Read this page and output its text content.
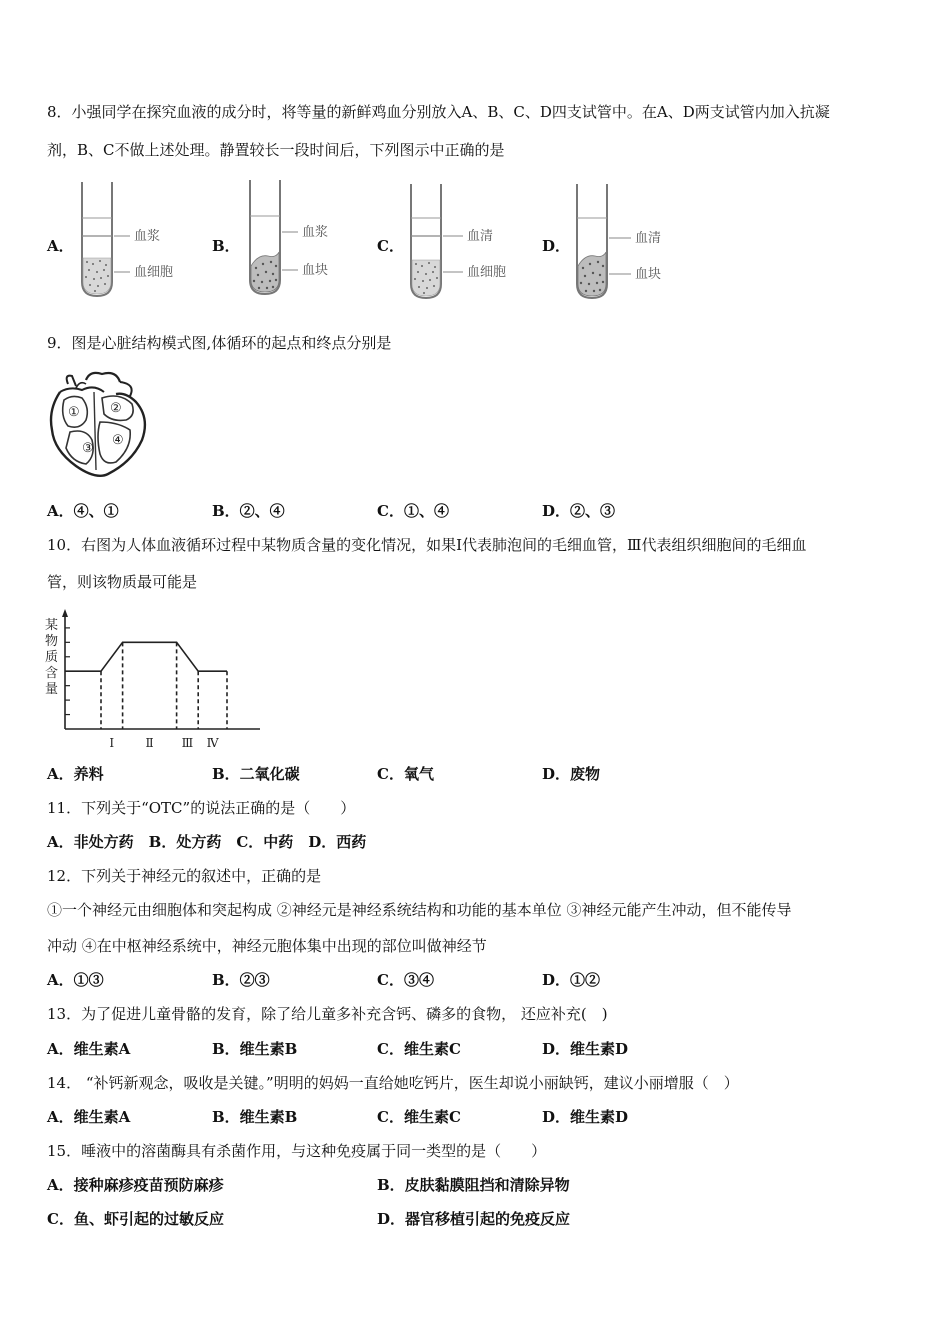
8．小强同学在探究血液的成分时，将等量的新鲜鸡血分别放入A、B、C、D四支试管中。在A、D两支试管内加入抗凝
剂，B、C不做上述处理。静置较长一段时间后，下列图示中正确的是
A．
血浆
血细胞
B．
血浆
血块
C．
血清
血细胞
D．	血清
血块
9．图是心脏结构模式图,体循环的起点和终点分别是
① ②
③
④
A．④、①	B．②、④	C．①、④	D．②、③
10．右图为人体血液循环过程中某物质含量的变化情况，如果Ⅰ代表肺泡间的毛细血管，Ⅲ代表组织细胞间的毛细血
管，则该物质最可能是
某
物
质
含
量
Ⅰ	Ⅱ Ⅲ Ⅳ
A．养料	B．二氧化碳	C．氧气	D．废物
11．下列关于“OTC”的说法正确的是（　　）
A．非处方药　B．处方药　C．中药　D．西药
12．下列关于神经元的叙述中，正确的是
①一个神经元由细胞体和突起构成 ②神经元是神经系统结构和功能的基本单位 ③神经元能产生冲动，但不能传导
冲动 ④在中枢神经系统中，神经元胞体集中出现的部位叫做神经节
A．①③	B．②③	C．③④	D．①②
13．为了促进儿童骨骼的发育，除了给儿童多补充含钙、磷多的食物， 还应补充(　)
A．维生素A	B．维生素B	C．维生素C	D．维生素D
14． “补钙新观念，吸收是关键。”明明的妈妈一直给她吃钙片，医生却说小丽缺钙，建议小丽增服（　）
A．维生素A	B．维生素B	C．维生素C	D．维生素D
15．唾液中的溶菌酶具有杀菌作用，与这种免疫属于同一类型的是（　　）
A．接种麻疹疫苗预防麻疹	B．皮肤黏膜阻挡和清除异物
C．鱼、虾引起的过敏反应	D．器官移植引起的免疫反应
